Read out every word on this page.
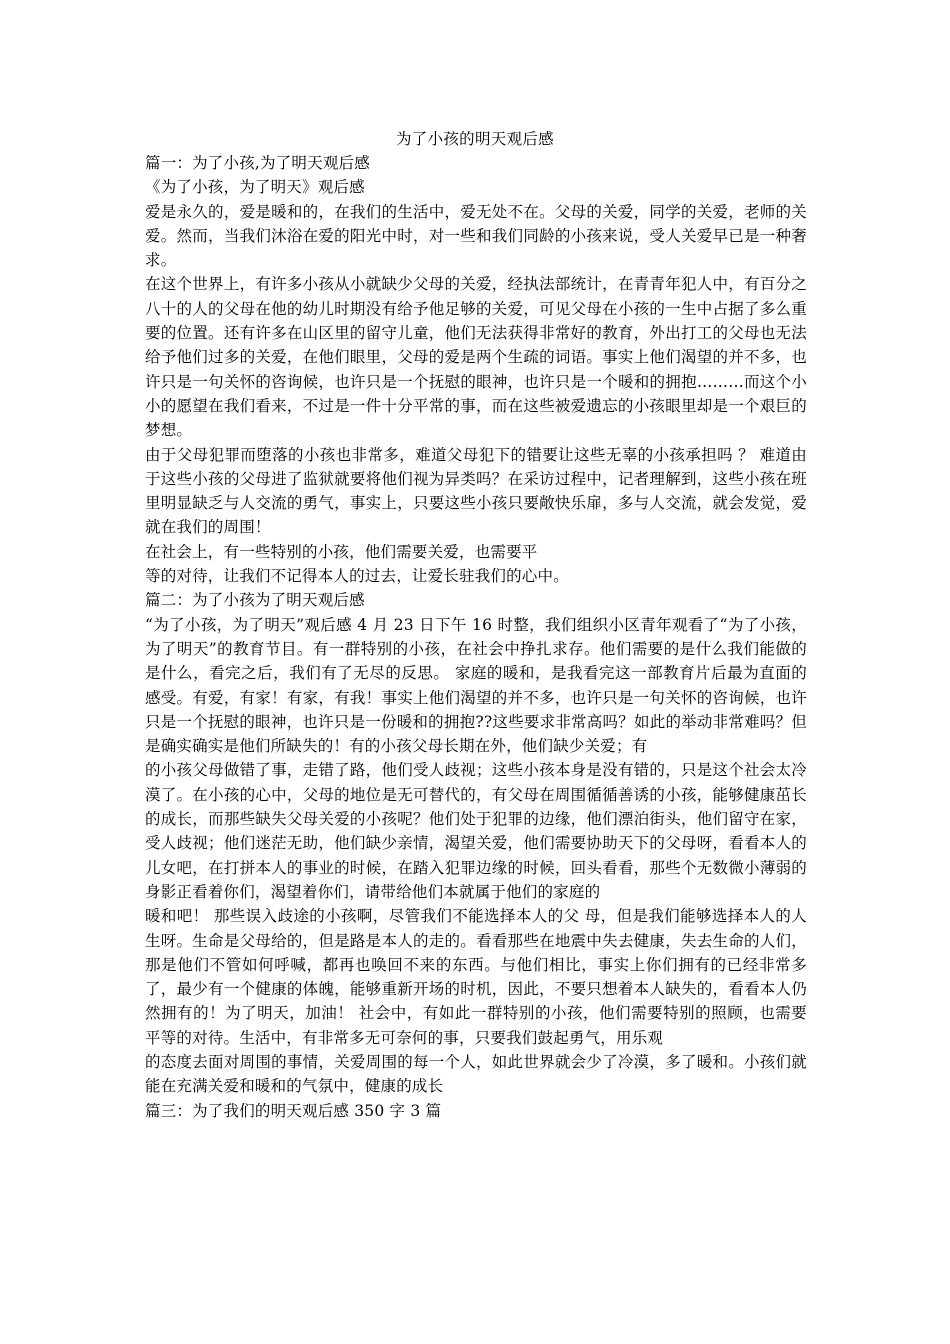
为了小孩的明天观后感

篇一：为了小孩,为了明天观后感

《为了小孩，为了明天》观后感

爱是永久的，爱是暖和的，在我们的生活中，爱无处不在。父母的关爱，同学的关爱，老师的关爱。然而，当我们沐浴在爱的阳光中时，对一些和我们同龄的小孩来说，受人关爱早已是一种奢求。

在这个世界上，有许多小孩从小就缺少父母的关爱，经执法部统计，在青青年犯人中，有百分之八十的人的父母在他的幼儿时期没有给予他足够的关爱，可见父母在小孩的一生中占据了多么重要的位置。还有许多在山区里的留守儿童，他们无法获得非常好的教育，外出打工的父母也无法给予他们过多的关爱，在他们眼里，父母的爱是两个生疏的词语。事实上他们渴望的并不多，也许只是一句关怀的咨询候，也许只是一个抚慰的眼神，也许只是一个暖和的拥抱………而这个小小的愿望在我们看来，不过是一件十分平常的事，而在这些被爱遗忘的小孩眼里却是一个艰巨的梦想。

由于父母犯罪而堕落的小孩也非常多，难道父母犯下的错要让这些无辜的小孩承担吗 ？ 难道由于这些小孩的父母进了监狱就要将他们视为异类吗？在采访过程中，记者理解到，这些小孩在班里明显缺乏与人交流的勇气，事实上，只要这些小孩只要敞快乐扉，多与人交流，就会发觉，爱就在我们的周围！

在社会上，有一些特别的小孩，他们需要关爱，也需要平

等的对待，让我们不记得本人的过去，让爱长驻我们的心中。

篇二：为了小孩为了明天观后感

“为了小孩，为了明天”观后感 4 月 23 日下午 16 时整，我们组织小区青年观看了“为了小孩，为了明天”的教育节目。有一群特别的小孩，在社会中挣扎求存。他们需要的是什么我们能做的是什么，看完之后，我们有了无尽的反思。 家庭的暖和，是我看完这一部教育片后最为直面的感受。有爱，有家！有家，有我！事实上他们渴望的并不多，也许只是一句关怀的咨询候，也许只是一个抚慰的眼神，也许只是一份暖和的拥抱??这些要求非常高吗？如此的举动非常难吗？但是确实确实是他们所缺失的！有的小孩父母长期在外，他们缺少关爱；有

的小孩父母做错了事，走错了路，他们受人歧视；这些小孩本身是没有错的，只是这个社会太冷漠了。在小孩的心中，父母的地位是无可替代的，有父母在周围循循善诱的小孩，能够健康茁长的成长，而那些缺失父母关爱的小孩呢？他们处于犯罪的边缘，他们漂泊街头，他们留守在家，受人歧视；他们迷茫无助，他们缺少亲情，渴望关爱，他们需要协助天下的父母呀，看看本人的儿女吧，在打拼本人的事业的时候，在踏入犯罪边缘的时候，回头看看，那些个无数微小薄弱的身影正看着你们，渴望着你们，请带给他们本就属于他们的家庭的

暖和吧！ 那些误入歧途的小孩啊，尽管我们不能选择本人的父 母，但是我们能够选择本人的人生呀。生命是父母给的，但是路是本人的走的。看看那些在地震中失去健康，失去生命的人们，那是他们不管如何呼喊，都再也唤回不来的东西。与他们相比，事实上你们拥有的已经非常多了，最少有一个健康的体魄，能够重新开场的时机，因此，不要只想着本人缺失的，看看本人仍然拥有的！为了明天，加油！ 社会中，有如此一群特别的小孩，他们需要特别的照顾，也需要平等的对待。生活中，有非常多无可奈何的事，只要我们鼓起勇气，用乐观

的态度去面对周围的事情，关爱周围的每一个人，如此世界就会少了冷漠，多了暖和。小孩们就能在充满关爱和暖和的气氛中，健康的成长

篇三：为了我们的明天观后感 350 字 3 篇
